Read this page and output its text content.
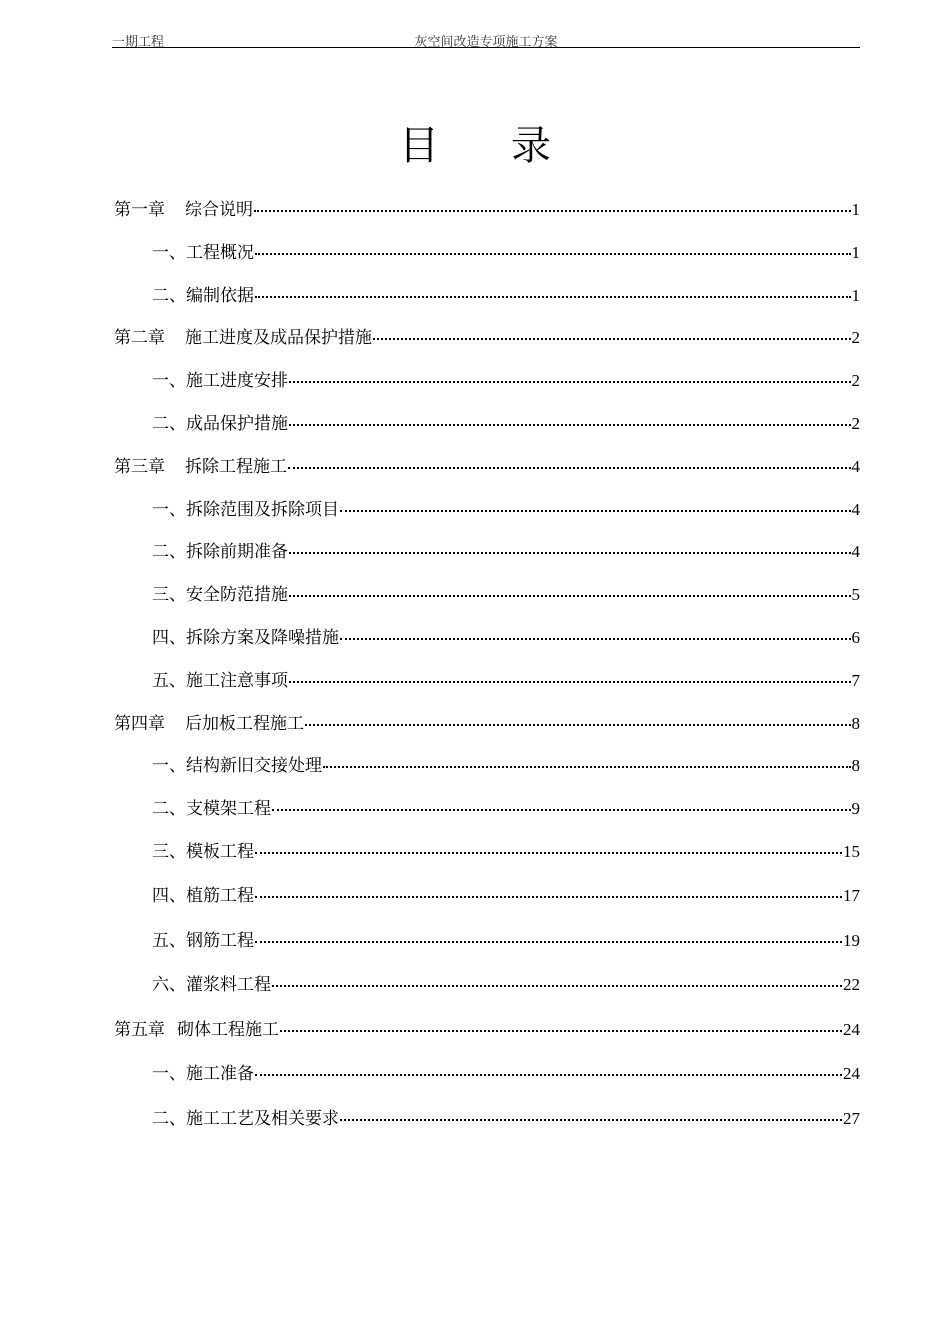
一期工程	灰空间改造专项施工方案
目录
第一章 综合说明	1
一、工程概况	1
二、编制依据	1
第二章 施工进度及成品保护措施	2
一、施工进度安排	2
二、成品保护措施	2
第三章 拆除工程施工	4
一、拆除范围及拆除项目	4
二、拆除前期准备	4
三、安全防范措施	5
四、拆除方案及降噪措施	6
五、施工注意事项	7
第四章 后加板工程施工	8
一、结构新旧交接处理	8
二、支模架工程	9
三、模板工程	15
四、植筋工程	17
五、钢筋工程	19
六、灌浆料工程	22
第五章 砌体工程施工	24
一、施工准备	24
二、施工工艺及相关要求	27
